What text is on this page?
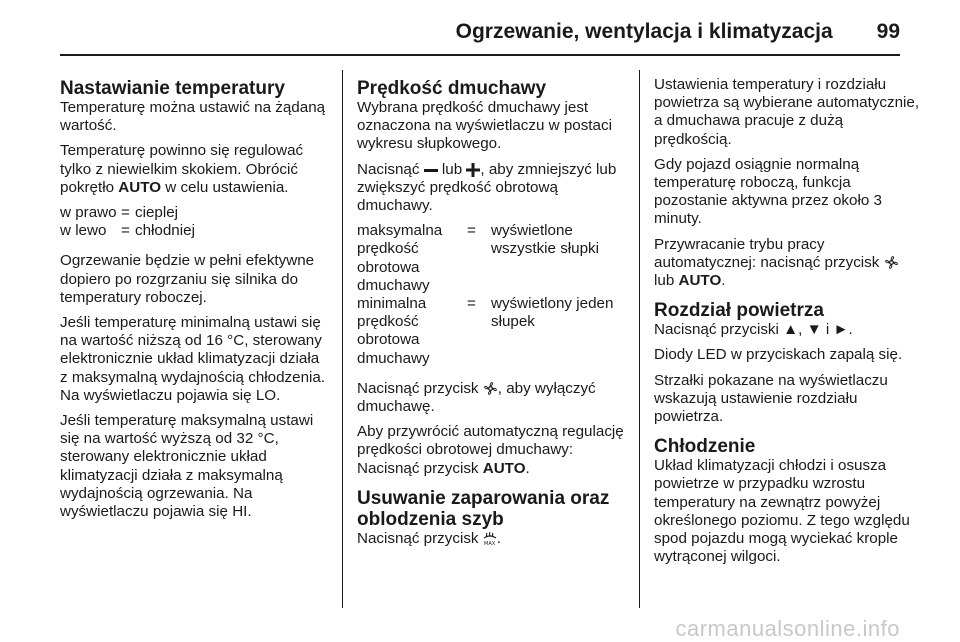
Ogrzewanie, wentylacja i klimatyzacja 99
Nastawianie temperatury

Temperaturę można ustawić na żądaną wartość.

Temperaturę powinno się regulować tylko z niewielkim skokiem. Obrócić pokrętło AUTO w celu ustawienia.

w prawo = cieplej
w lewo = chłodniej

Ogrzewanie będzie w pełni efektywne dopiero po rozgrzaniu się silnika do temperatury roboczej.

Jeśli temperaturę minimalną ustawi się na wartość niższą od 16 °C, sterowany elektronicznie układ klimatyzacji działa z maksymalną wydajnością chłodzenia. Na wyświetlaczu pojawia się LO.

Jeśli temperaturę maksymalną ustawi się na wartość wyższą od 32 °C, sterowany elektronicznie układ klimatyzacji działa z maksymalną wydajnością ogrzewania. Na wyświetlaczu pojawia się HI.

Prędkość dmuchawy

Wybrana prędkość dmuchawy jest oznaczona na wyświetlaczu w postaci wykresu słupkowego.

Nacisnąć  lub , aby zmniejszyć lub zwiększyć prędkość obrotową dmuchawy.

maksymalna prędkość obrotowa dmuchawy
= wyświetlone wszystkie słupki
minimalna prędkość obrotowa dmuchawy
= wyświetlony jeden słupek

Nacisnąć przycisk , aby wyłączyć dmuchawę.

Aby przywrócić automatyczną regulację prędkości obrotowej dmuchawy: Nacisnąć przycisk AUTO.

Usuwanie zaparowania oraz oblodzenia szyb

Nacisnąć przycisk MAX .

Ustawienia temperatury i rozdziału powietrza są wybierane automatycznie, a dmuchawa pracuje z dużą prędkością.

Gdy pojazd osiągnie normalną temperaturę roboczą, funkcja pozostanie aktywna przez około 3 minuty.

Przywracanie trybu pracy automatycznej: nacisnąć przycisk  lub AUTO.

Rozdział powietrza

Nacisnąć przyciski ▲, ▼ i ►.

Diody LED w przyciskach zapalą się.

Strzałki pokazane na wyświetlaczu wskazują ustawienie rozdziału powietrza.

Chłodzenie

Układ klimatyzacji chłodzi i osusza powietrze w przypadku wzrostu temperatury na zewnątrz powyżej określonego poziomu. Z tego względu spod pojazdu mogą wyciekać krople wytrąconej wilgoci.

carmanualsonline.info
